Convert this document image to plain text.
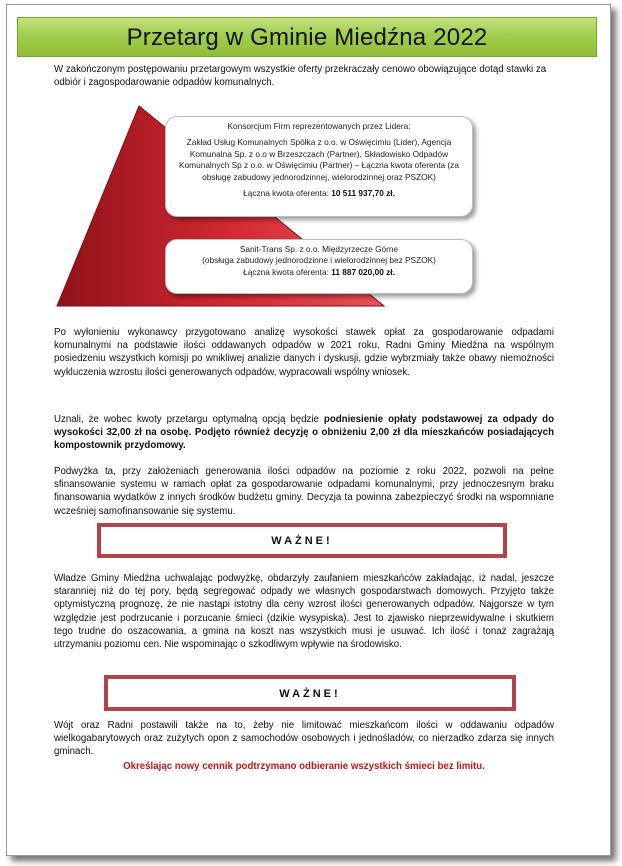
Przetarg w Gminie Miedźna 2022
W zakończonym postępowaniu przetargowym wszystkie oferty przekraczały cenowo obowiązujące dotąd stawki za odbiór i zagospodarowanie odpadów komunalnych.
Konsorcjum Firm reprezentowanych przez Lidera:
Zakład Usług Komunalnych Spółka z o.o. w Oświęcimiu (Lider), Agencja Komunalna Sp. z o.o w Brzeszczach (Partner), Składowisko Odpadów Komunalnych Sp z o.o. w Oświęcimiu (Partner) – Łączna kwota oferenta (za obsługę zabudowy jednorodzinnej, wielorodzinnej oraz PSZOK)
Łączna kwota oferenta: 10 511 937,70 zł.
Sanit-Trans Sp. z o.o. Międzyrzecze Górne
(obsługa zabudowy jednorodzinne i wielorodzinnej bez PSZOK)
Łączna kwota oferenta: 11 887 020,00 zł.
Po wyłonieniu wykonawcy przygotowano analizę wysokości stawek opłat za gospodarowanie odpadami komunalnymi na podstawie ilości oddawanych odpadów w 2021 roku. Radni Gminy Miedźna na wspólnym posiedzeniu wszystkich komisji po wnikliwej analizie danych i dyskusji, gdzie wybrzmiały także obawy niemożności wykluczenia wzrostu ilości generowanych odpadów, wypracowali wspólny wniosek.
Uznali, że wobec kwoty przetargu optymalną opcją będzie podniesienie opłaty podstawowej za odpady do wysokości 32,00 zł na osobę. Podjęto również decyzję o obniżeniu 2,00 zł dla mieszkańców posiadających kompostownik przydomowy.
Podwyżka ta, przy założeniach generowania ilości odpadów na poziomie z roku 2022, pozwoli na pełne sfinansowanie systemu w ramach opłat za gospodarowanie odpadami komunalnymi, przy jednoczesnym braku finansowania wydatków z innych środków budżetu gminy. Decyzja ta powinna zabezpieczyć środki na wspomniane wcześniej samofinansowanie się systemu.
WAŻNE!
Władze Gminy Miedźna uchwalając podwyżkę, obdarzyły zaufaniem mieszkańców zakładając, iż nadal, jeszcze staranniej niż do tej pory, będą segregować odpady we własnych gospodarstwach domowych. Przyjęto także optymistyczną prognozę, że nie nastąpi istotny dla ceny wzrost ilości generowanych odpadów. Najgorsze w tym względzie jest podrzucanie i porzucanie śmieci (dzikie wysypiska). Jest to zjawisko nieprzewidywalne i skutkiem tego trudne do oszacowania, a gmina na koszt nas wszystkich musi je usuwać. Ich ilość i tonaż zagrażają utrzymaniu poziomu cen. Nie wspominając o szkodliwym wpływie na środowisko.
WAŻNE!
Wójt oraz Radni postawili także na to, żeby nie limitować mieszkańcom ilości w oddawaniu odpadów wielkogabarytowych oraz zużytych opon z samochodów osobowych i jednośladów, co nierzadko zdarza się innych gminach.
Określając nowy cennik podtrzymano odbieranie wszystkich śmieci bez limitu.
